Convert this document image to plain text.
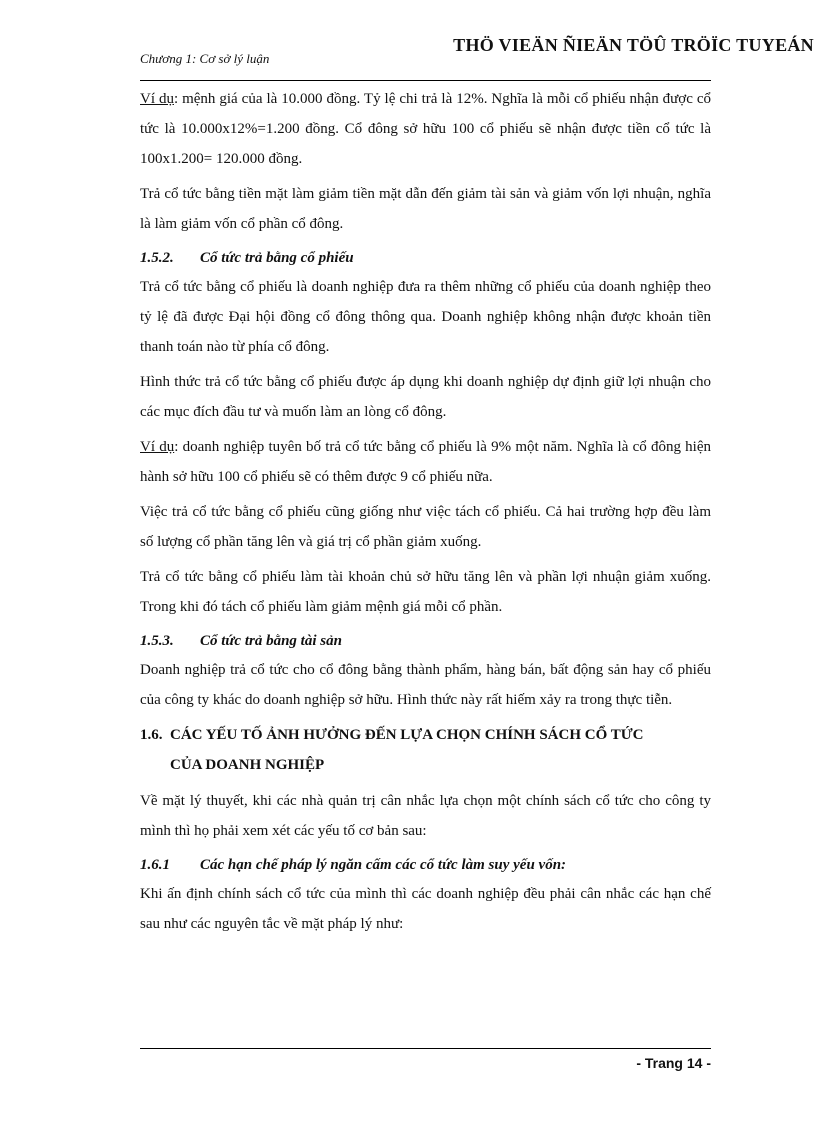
Chương 1: Cơ sở lý luận
THÖ VIEÄN ÑIEÄN TÖÛ TRÖÏC TUYEÁN

Ví dụ: mệnh giá của là 10.000 đồng. Tỷ lệ chi trả là 12%. Nghĩa là mỗi cổ phiếu nhận được cổ tức là 10.000x12%=1.200 đồng. Cổ đông sở hữu 100 cổ phiếu sẽ nhận được tiền cổ tức là 100x1.200= 120.000 đồng.

Trả cổ tức bằng tiền mặt làm giảm tiền mặt dẫn đến giảm tài sản và giảm vốn lợi nhuận, nghĩa là làm giảm vốn cổ phần cổ đông.

1.5.2. Cổ tức trả bằng cổ phiếu

Trả cổ tức bằng cổ phiếu là doanh nghiệp đưa ra thêm những cổ phiếu của doanh nghiệp theo tỷ lệ đã được Đại hội đồng cổ đông thông qua. Doanh nghiệp không nhận được khoản tiền thanh toán nào từ phía cổ đông.

Hình thức trả cổ tức bằng cổ phiếu được áp dụng khi doanh nghiệp dự định giữ lợi nhuận cho các mục đích đầu tư và muốn làm an lòng cổ đông.

Ví dụ: doanh nghiệp tuyên bố trả cổ tức bằng cổ phiếu là 9% một năm. Nghĩa là cổ đông hiện hành sở hữu 100 cổ phiếu sẽ có thêm được 9 cổ phiếu nữa.

Việc trả cổ tức bằng cổ phiếu cũng giống như việc tách cổ phiếu. Cả hai trường hợp đều làm số lượng cổ phần tăng lên và giá trị cổ phần giảm xuống.

Trả cổ tức bằng cổ phiếu làm tài khoản chủ sở hữu tăng lên và phần lợi nhuận giảm xuống. Trong khi đó tách cổ phiếu làm giảm mệnh giá mỗi cổ phần.

1.5.3. Cổ tức trả bằng tài sản

Doanh nghiệp trả cổ tức cho cổ đông bằng thành phẩm, hàng bán, bất động sản hay cổ phiếu của công ty khác do doanh nghiệp sở hữu. Hình thức này rất hiếm xảy ra trong thực tiễn.

1.6. CÁC YẾU TỐ ẢNH HƯỞNG ĐẾN LỰA CHỌN CHÍNH SÁCH CỔ TỨC
CỦA DOANH NGHIỆP

Về mặt lý thuyết, khi các nhà quản trị cân nhắc lựa chọn một chính sách cổ tức cho công ty mình thì họ phải xem xét các yếu tố cơ bản sau:

1.6.1 Các hạn chế pháp lý ngăn cấm các cổ tức làm suy yếu vốn:

Khi ấn định chính sách cổ tức của mình thì các doanh nghiệp đều phải cân nhắc các hạn chế sau như các nguyên tắc về mặt pháp lý như:

- Trang 14 -
